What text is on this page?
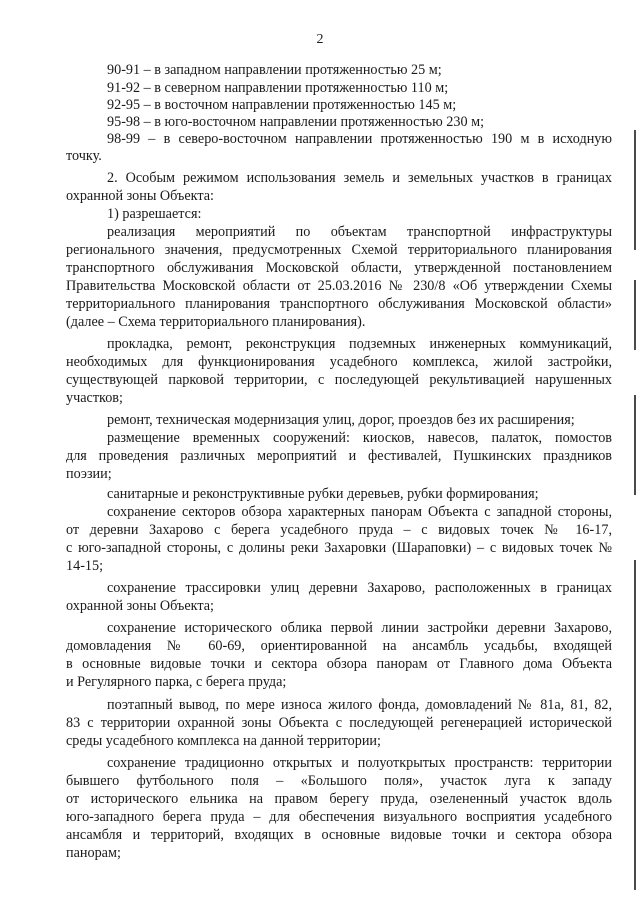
2
90-91 – в западном направлении протяженностью 25 м;
91-92 – в северном направлении протяженностью 110 м;
92-95 – в восточном направлении протяженностью 145 м;
95-98 – в юго-восточном направлении протяженностью 230 м;
98-99 – в северо-восточном направлении протяженностью 190 м в исходную
точку.
2. Особым режимом использования земель и земельных участков в границах
охранной зоны Объекта:
1) разрешается:
реализация мероприятий по объектам транспортной инфраструктуры
регионального значения, предусмотренных Схемой территориального планирования
транспортного обслуживания Московской области, утвержденной постановлением
Правительства Московской области от 25.03.2016 № 230/8 «Об утверждении Схемы
территориального планирования транспортного обслуживания Московской области»
(далее – Схема территориального планирования).
прокладка, ремонт, реконструкция подземных инженерных коммуникаций,
необходимых для функционирования усадебного комплекса, жилой застройки,
существующей парковой территории, с последующей рекультивацией нарушенных
участков;
ремонт, техническая модернизация улиц, дорог, проездов без их расширения;
размещение временных сооружений: киосков, навесов, палаток, помостов
для проведения различных мероприятий и фестивалей, Пушкинских праздников
поэзии;
санитарные и реконструктивные рубки деревьев, рубки формирования;
сохранение секторов обзора характерных панорам Объекта с западной стороны,
от деревни Захарово с берега усадебного пруда – с видовых точек № 16-17,
с юго-западной стороны, с долины реки Захаровки (Шараповки) – с видовых точек №
14-15;
сохранение трассировки улиц деревни Захарово, расположенных в границах
охранной зоны Объекта;
сохранение исторического облика первой линии застройки деревни Захарово,
домовладения № 60-69, ориентированной на ансамбль усадьбы, входящей
в основные видовые точки и сектора обзора панорам от Главного дома Объекта
и Регулярного парка, с берега пруда;
поэтапный вывод, по мере износа жилого фонда, домовладений № 81а, 81, 82,
83 с территории охранной зоны Объекта с последующей регенерацией исторической
среды усадебного комплекса на данной территории;
сохранение традиционно открытых и полуоткрытых пространств: территории
бывшего футбольного поля – «Большого поля», участок луга к западу
от исторического ельника на правом берегу пруда, озелененный участок вдоль
юго-западного берега пруда – для обеспечения визуального восприятия усадебного
ансамбля и территорий, входящих в основные видовые точки и сектора обзора
панорам;
